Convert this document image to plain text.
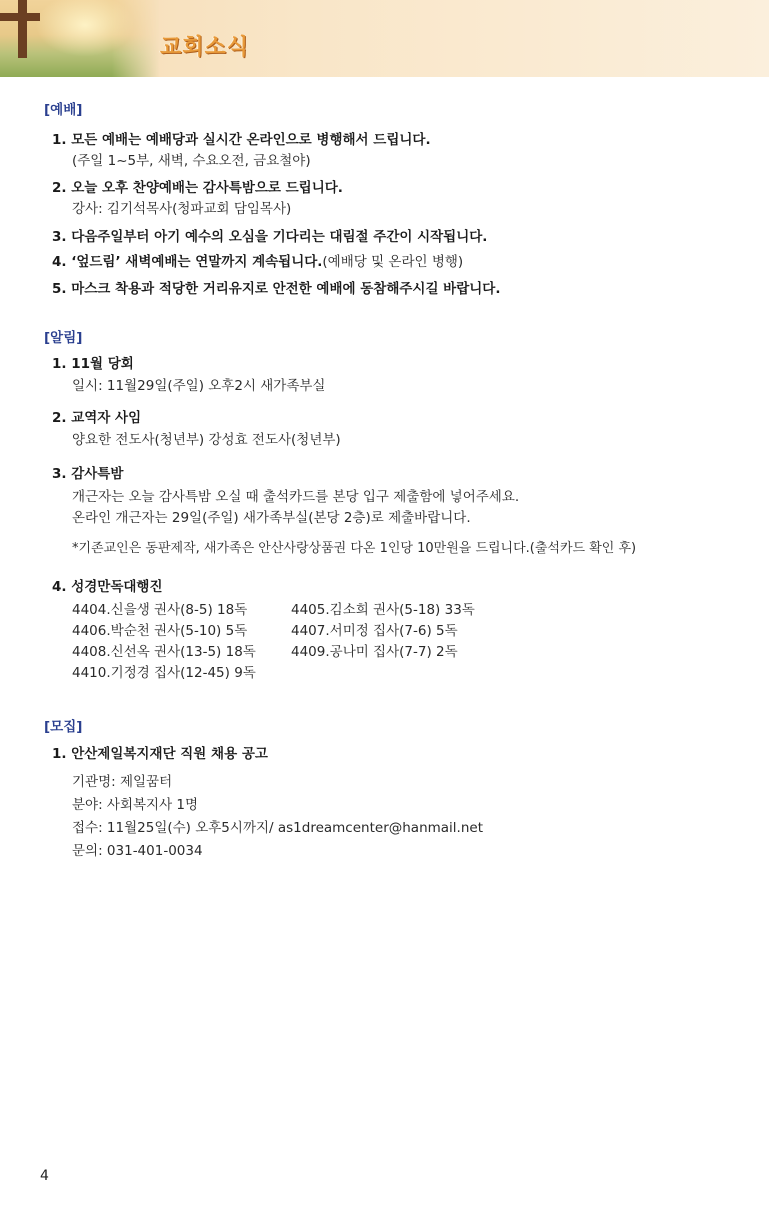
교회소식
[예배]
1. 모든 예배는 예배당과 실시간 온라인으로 병행해서 드립니다.
(주일 1~5부, 새벽, 수요오전, 금요철야)
2. 오늘 오후 찬양예배는 감사특밤으로 드립니다.
강사: 김기석목사(청파교회 담임목사)
3. 다음주일부터 아기 예수의 오심을 기다리는 대림절 주간이 시작됩니다.
4. ‘엎드림’ 새벽예배는 연말까지 계속됩니다.(예배당 및 온라인 병행)
5. 마스크 착용과 적당한 거리유지로 안전한 예배에 동참해주시길 바랍니다.
[알림]
1. 11월 당회
일시: 11월29일(주일) 오후2시 새가족부실
2. 교역자 사임
양요한 전도사(청년부) 강성효 전도사(청년부)
3. 감사특밤
개근자는 오늘 감사특밤 오실 때 출석카드를 본당 입구 제출함에 넣어주세요.
온라인 개근자는 29일(주일) 새가족부실(본당 2층)로 제출바랍니다.
*기존교인은 동판제작, 새가족은 안산사랑상품권 다온 1인당 10만원을 드립니다.(출석카드 확인 후)
4. 성경만독대행진
4404.신을생 권사(8-5) 18독	4405.김소희 권사(5-18) 33독
4406.박순천 권사(5-10) 5독	4407.서미정 집사(7-6) 5독
4408.신선옥 권사(13-5) 18독	4409.공나미 집사(7-7) 2독
4410.기정경 집사(12-45) 9독
[모집]
1. 안산제일복지재단 직원 채용 공고
기관명: 제일꿈터
분야: 사회복지사 1명
접수: 11월25일(수) 오후5시까지/ as1dreamcenter@hanmail.net
문의: 031-401-0034
4
